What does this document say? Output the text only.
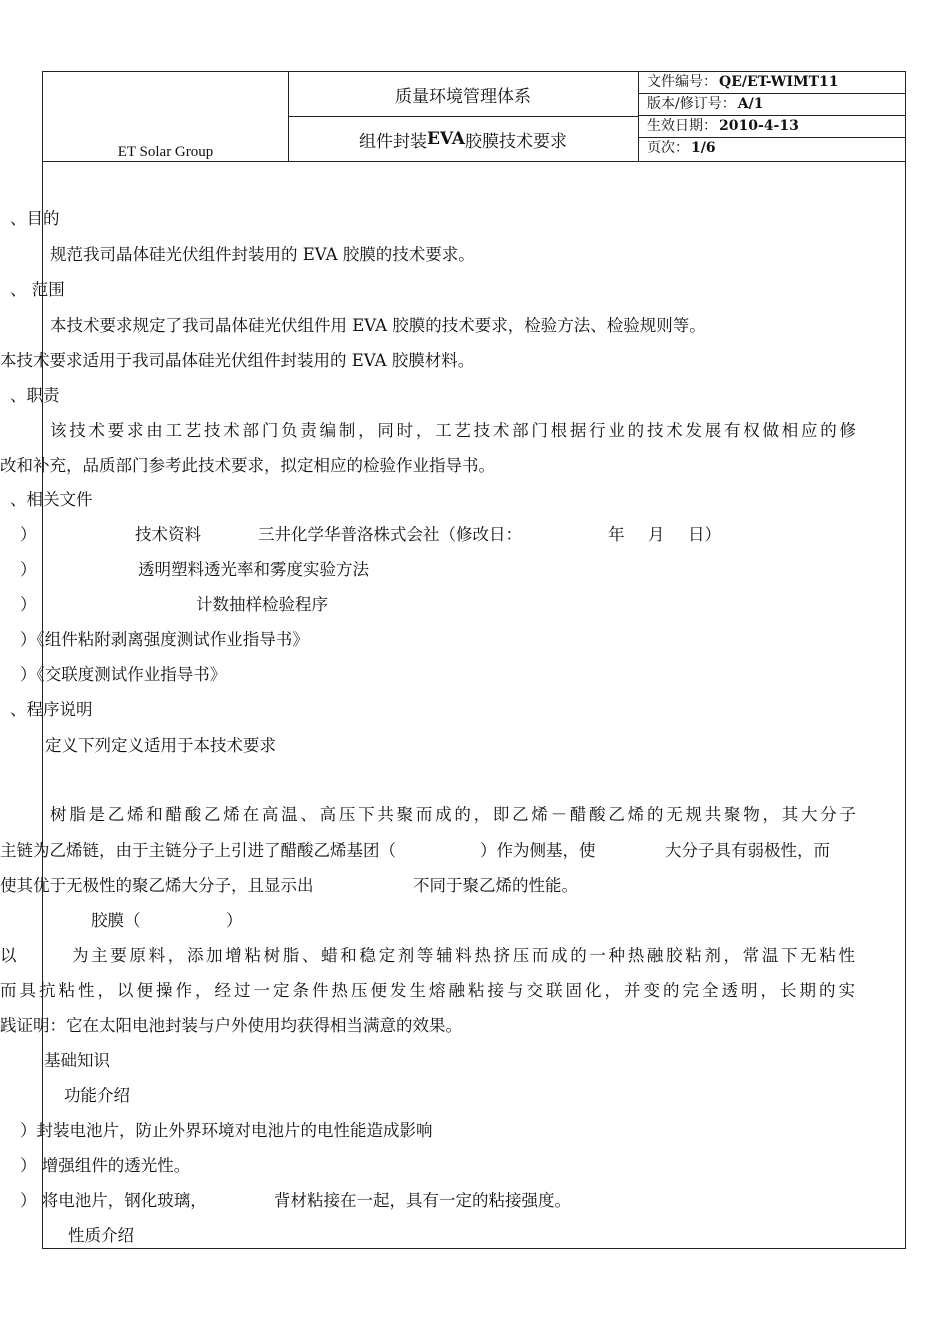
ET Solar Group
质量环境管理体系
组件封装 EVA 胶膜技术要求
文件编号： QE/ET-WIMT11
版本/修订号： A/1
生效日期： 2010-4-13
页次： 1/6
、目的
规范我司晶体硅光伏组件封装用的 EVA 胶膜的技术要求。
、 范围
本技术要求规定了我司晶体硅光伏组件用 EVA 胶膜的技术要求，检验方法、检验规则等。
本技术要求适用于我司晶体硅光伏组件封装用的 EVA 胶膜材料。
、职责
该技术要求由工艺技术部门负责编制，同时，工艺技术部门根据行业的技术发展有权做相应的修
改和补充，品质部门参考此技术要求，拟定相应的检验作业指导书。
、相关文件
）	技术资料	三井化学华普洛株式会社（修改日：	年 月 日）
）	透明塑料透光率和雾度实验方法
）	计数抽样检验程序
）《组件粘附剥离强度测试作业指导书》
）《交联度测试作业指导书》
、程序说明
定义下列定义适用于本技术要求
树脂是乙烯和醋酸乙烯在高温、高压下共聚而成的，即乙烯－醋酸乙烯的无规共聚物，其大分子
主链为乙烯链，由于主链分子上引进了醋酸乙烯基团（	）作为侧基，使	大分子具有弱极性，而
使其优于无极性的聚乙烯大分子，且显示出	不同于聚乙烯的性能。
胶膜（	）
以	为主要原料，添加增粘树脂、蜡和稳定剂等辅料热挤压而成的一种热融胶粘剂，常温下无粘性
而具抗粘性，以便操作，经过一定条件热压便发生熔融粘接与交联固化，并变的完全透明，长期的实
践证明：它在太阳电池封装与户外使用均获得相当满意的效果。
基础知识
功能介绍
）封装电池片，防止外界环境对电池片的电性能造成影响
） 增强组件的透光性。
） 将电池片，钢化玻璃，	背材粘接在一起，具有一定的粘接强度。
性质介绍
